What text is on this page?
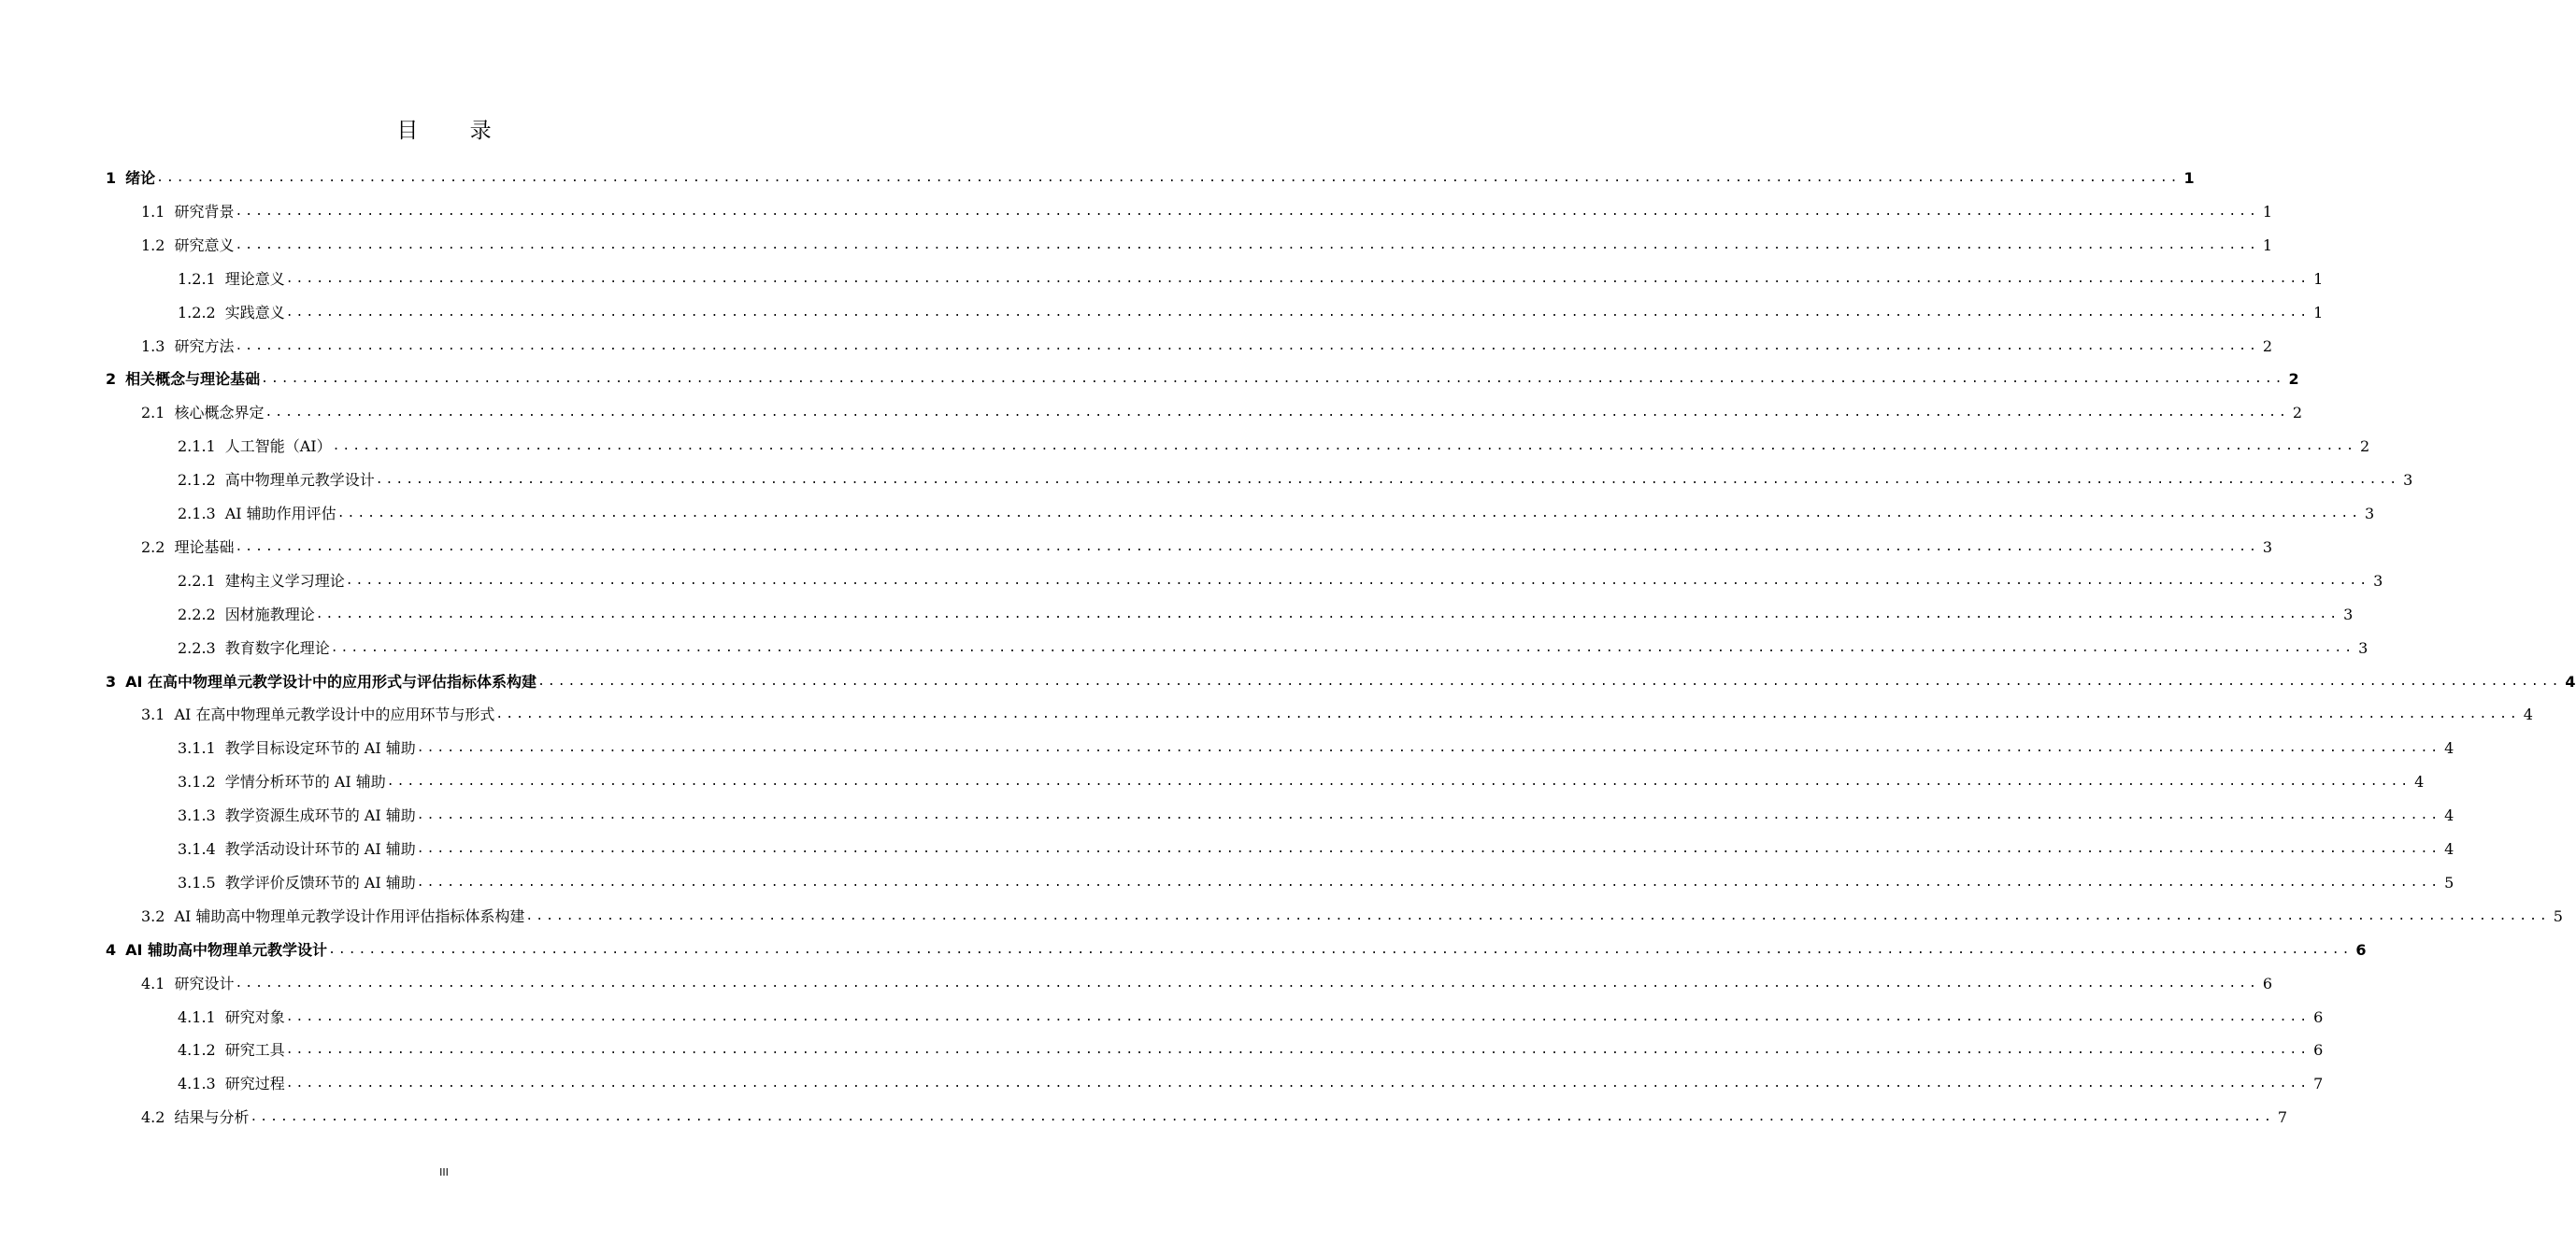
目 录
1 绪论 ........................................................................................................................................................................................................ 1
1.1 研究背景 ........................................................................................................................................................................................................ 1
1.2 研究意义 ........................................................................................................................................................................................................ 1
1.2.1 理论意义 ........................................................................................................................................................................................................ 1
1.2.2 实践意义 ........................................................................................................................................................................................................ 1
1.3 研究方法 ........................................................................................................................................................................................................ 2
2 相关概念与理论基础 ........................................................................................................................................................................................................ 2
2.1 核心概念界定 ........................................................................................................................................................................................................ 2
2.1.1 人工智能（AI） ........................................................................................................................................................................................................ 2
2.1.2 高中物理单元教学设计 ........................................................................................................................................................................................................ 3
2.1.3 AI 辅助作用评估 ........................................................................................................................................................................................................ 3
2.2 理论基础 ........................................................................................................................................................................................................ 3
2.2.1 建构主义学习理论 ........................................................................................................................................................................................................ 3
2.2.2 因材施教理论 ........................................................................................................................................................................................................ 3
2.2.3 教育数字化理论 ........................................................................................................................................................................................................ 3
3 AI 在高中物理单元教学设计中的应用形式与评估指标体系构建 ........................................................................................................................................................................................................ 4
3.1 AI 在高中物理单元教学设计中的应用环节与形式 ........................................................................................................................................................................................................ 4
3.1.1 教学目标设定环节的 AI 辅助 ........................................................................................................................................................................................................ 4
3.1.2 学情分析环节的 AI 辅助 ........................................................................................................................................................................................................ 4
3.1.3 教学资源生成环节的 AI 辅助 ........................................................................................................................................................................................................ 4
3.1.4 教学活动设计环节的 AI 辅助 ........................................................................................................................................................................................................ 4
3.1.5 教学评价反馈环节的 AI 辅助 ........................................................................................................................................................................................................ 5
3.2 AI 辅助高中物理单元教学设计作用评估指标体系构建 ........................................................................................................................................................................................................ 5
4 AI 辅助高中物理单元教学设计 ........................................................................................................................................................................................................ 6
4.1 研究设计 ........................................................................................................................................................................................................ 6
4.1.1 研究对象 ........................................................................................................................................................................................................ 6
4.1.2 研究工具 ........................................................................................................................................................................................................ 6
4.1.3 研究过程 ........................................................................................................................................................................................................ 7
4.2 结果与分析 ........................................................................................................................................................................................................ 7
III
